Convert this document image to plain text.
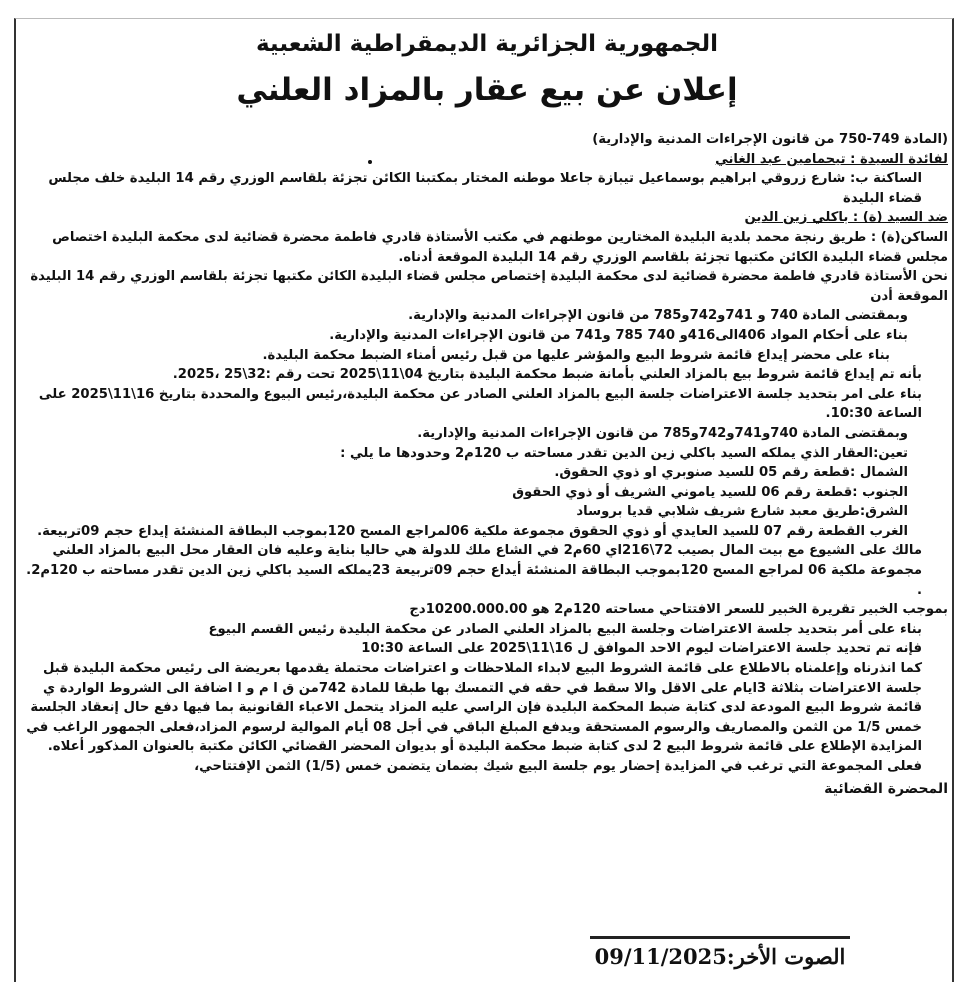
الجمهورية الجزائرية الديمقراطية الشعبية
إعلان عن بيع عقار بالمزاد العلني
(المادة 749-750 من قانون الإجراءات المدنية والإدارية)
لفائدة السيدة : تيحمامين عبد الغاني
الساكنة ب: شارع زروقي ابراهيم بوسماعيل تيبازة جاعلا موطنه المختار بمكتبنا الكائن تجزئة بلقاسم الوزري رقم 14 البليدة خلف مجلس قضاء البليدة
ضد السيد (ة) : باكلي زين الدين
الساكن(ة) : طريق رنجة محمد بلدية البليدة المختارين موطنهم في مكتب الأستاذة قادري فاطمة محضرة قضائية لدى محكمة البليدة اختصاص مجلس قضاء البليدة الكائن مكتبها تجزئة بلقاسم الوزري رقم 14 البليدة الموقعة أدناه.
نحن الأستاذة قادري فاطمة محضرة قضائية لدى محكمة البليدة إختصاص مجلس قضاء البليدة الكائن مكتبها تجزئة بلقاسم الوزري رقم 14 البليدة الموقعة أدن
وبمقتضى المادة 740 و 741و742و785 من قانون الإجراءات المدنية والإدارية.
بناء على أحكام المواد 406الى416و 740 785 و741 من قانون الإجراءات المدنية والإدارية.
بناء على محضر إيداع قائمة شروط البيع والمؤشر عليها من قبل رئيس أمناء الضبط محكمة البليدة.
بأنه تم إيداع قائمة شروط بيع بالمزاد العلني بأمانة ضبط محكمة البليدة بتاريخ 04\11\2025 تحت رقم :32\25 ،2025.
بناء على امر بتحديد جلسة الاعتراضات جلسة البيع بالمزاد العلني الصادر عن محكمة البليدة،رئيس البيوع والمحددة بتاريخ 16\11\2025 على الساعة 10:30.
وبمقتضى المادة 740و741و742و785 من قانون الإجراءات المدنية والإدارية.
تعين:العقار الذي يملكه السيد باكلي زين الدين تقدر مساحته ب 120م2 وحدودها ما يلي :
الشمال :قطعة رقم 05 للسيد صنوبري او ذوي الحقوق.
الجنوب :قطعة رقم 06 للسيد ياموني الشريف أو ذوي الحقوق
الشرق:طريق معبد شارع شريف شلابي قديا بروساد
الغرب القطعة رقم 07 للسيد العايدي أو ذوي الحقوق مجموعة ملكية 06لمراجع المسح 120بموجب البطاقة المنشئة إيداع حجم 09تربيعة.
مالك على الشيوع مع بيت المال بصيب 72\216اي 60م2 في الشاع ملك للدولة هي حاليا بناية وعليه فان العقار محل البيع بالمزاد العلني مجموعة ملكية 06 لمراجع المسح 120بموجب البطاقة المنشئة أيداع حجم 09تربيعة 23يملكه السيد باكلي زين الدين تقدر مساحته ب 120م2. .
بموجب الخبير تقريرة الخبير للسعر الافتتاحي مساحته 120م2 هو 10200.000.00دج
بناء على أمر بتحديد جلسة الاعتراضات وجلسة البيع بالمزاد العلني الصادر عن محكمة البليدة رئيس القسم البيوع
فإنه تم تحديد جلسة الاعتراضات ليوم الاحد الموافق ل 16\11\2025 على الساعة 10:30
كما انذرناه وإعلمناه بالاطلاع على قائمة الشروط البيع لابداء الملاحظات و اعتراضات محتملة يقدمها بعريضة الى رئيس محكمة البليدة قبل جلسة الاعتراضات بثلاثة 3ايام على الاقل والا سقط في حقه في التمسك بها طبقا للمادة 742من ق ا م و ا اضافة الى الشروط الواردة ي قائمة شروط البيع المودعة لدى كتابة ضبط المحكمة البليدة فإن الراسي عليه المزاد يتحمل الاعباء القانونية بما فيها دفع حال إنعقاد الجلسة خمس 1/5 من الثمن والمصاريف والرسوم المستحقة ويدفع المبلغ الباقي في أجل 08 أيام الموالية لرسوم المزاد،فعلى الجمهور الراغب في المزايدة الإطلاع على قائمة شروط البيع 2 لدى كتابة ضبط محكمة البليدة أو بديوان المحضر القضائي الكائن مكتبة بالعنوان المذكور أعلاه.
فعلى المجموعة التي ترغب في المزايدة إحضار يوم جلسة البيع شيك بضمان يتضمن خمس (1/5) الثمن الإفتتاحي،
المحضرة القضائية
الصوت الأخر:09/11/2025
